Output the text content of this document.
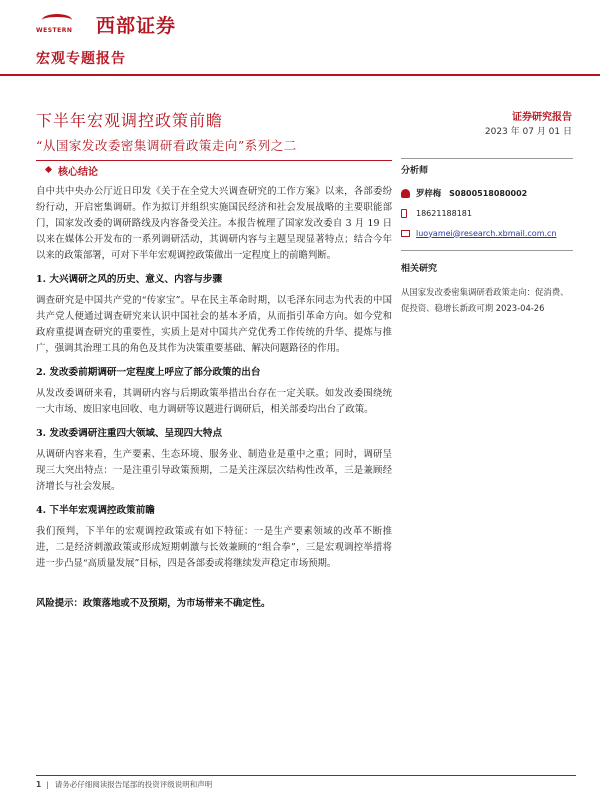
WESTERN 西部证券
宏观专题报告
下半年宏观调控政策前瞻
“从国家发改委密集调研看政策走向”系列之二
证券研究报告
2023 年 07 月 01 日
核心结论

自中共中央办公厅近日印发《关于在全党大兴调查研究的工作方案》以来，各部委纷纷行动，开启密集调研。作为拟订并组织实施国民经济和社会发展战略的主要职能部门，国家发改委的调研路线及内容备受关注。本报告梳理了国家发改委自 3 月 19 日以来在媒体公开发布的一系列调研活动，其调研内容与主题呈现显著特点；结合今年以来的政策部署，可对下半年宏观调控政策做出一定程度上的前瞻判断。

1. 大兴调研之风的历史、意义、内容与步骤

调查研究是中国共产党的“传家宝”。早在民主革命时期，以毛泽东同志为代表的中国共产党人便通过调查研究来认识中国社会的基本矛盾，从而指引革命方向。如今党和政府重提调查研究的重要性，实质上是对中国共产党优秀工作传统的升华、提炼与推广，强调其治理工具的角色及其作为决策重要基础、解决问题路径的作用。

2. 发改委前期调研一定程度上呼应了部分政策的出台

从发改委调研来看，其调研内容与后期政策举措出台存在一定关联。如发改委围绕统一大市场、废旧家电回收、电力调研等议题进行调研后，相关部委均出台了政策。

3. 发改委调研注重四大领域、呈现四大特点

从调研内容来看，生产要素、生态环境、服务业、制造业是重中之重；同时，调研呈现三大突出特点：一是注重引导政策预期，二是关注深层次结构性改革，三是兼顾经济增长与社会发展。

4. 下半年宏观调控政策前瞻

我们预判，下半年的宏观调控政策或有如下特征：一是生产要素领域的改革不断推进，二是经济刺激政策或形成短期刺激与长效兼顾的“组合拳”，三是宏观调控举措将进一步凸显“高质量发展”目标，四是各部委或将继续发声稳定市场预期。

风险提示：政策落地或不及预期，为市场带来不确定性。

分析师
罗梓梅 S0800518080002
18621188181
luoyamei@research.xbmail.com.cn
相关研究
从国家发改委密集调研看政策走向：促消费、促投资、稳增长新政可期 2023-04-26
1 | 请务必仔细阅读报告尾部的投资评级说明和声明
